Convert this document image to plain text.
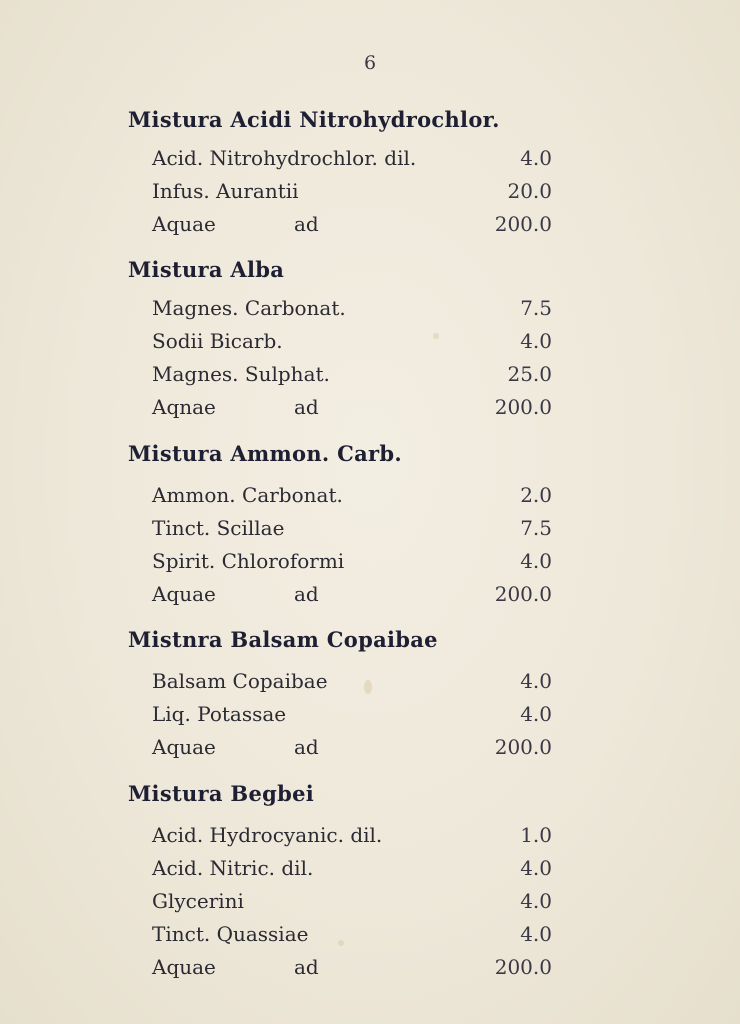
6
Mistura Acidi Nitrohydrochlor.
Acid. Nitrohydrochlor. dil.	4.0
Infus. Aurantii	20.0
Aquae	ad	200.0
Mistura Alba
Magnes. Carbonat.	7.5
Sodii Bicarb.	4.0
Magnes. Sulphat.	25.0
Aqnae	ad	200.0
Mistura Ammon. Carb.
Ammon. Carbonat.	2.0
Tinct. Scillae	7.5
Spirit. Chloroformi	4.0
Aquae	ad	200.0
Mistnra Balsam Copaibae
Balsam Copaibae	4.0
Liq. Potassae	4.0
Aquae	ad	200.0
Mistura Begbei
Acid. Hydrocyanic. dil.	1.0
Acid. Nitric. dil.	4.0
Glycerini	4.0
Tinct. Quassiae	4.0
Aquae	ad	200.0
